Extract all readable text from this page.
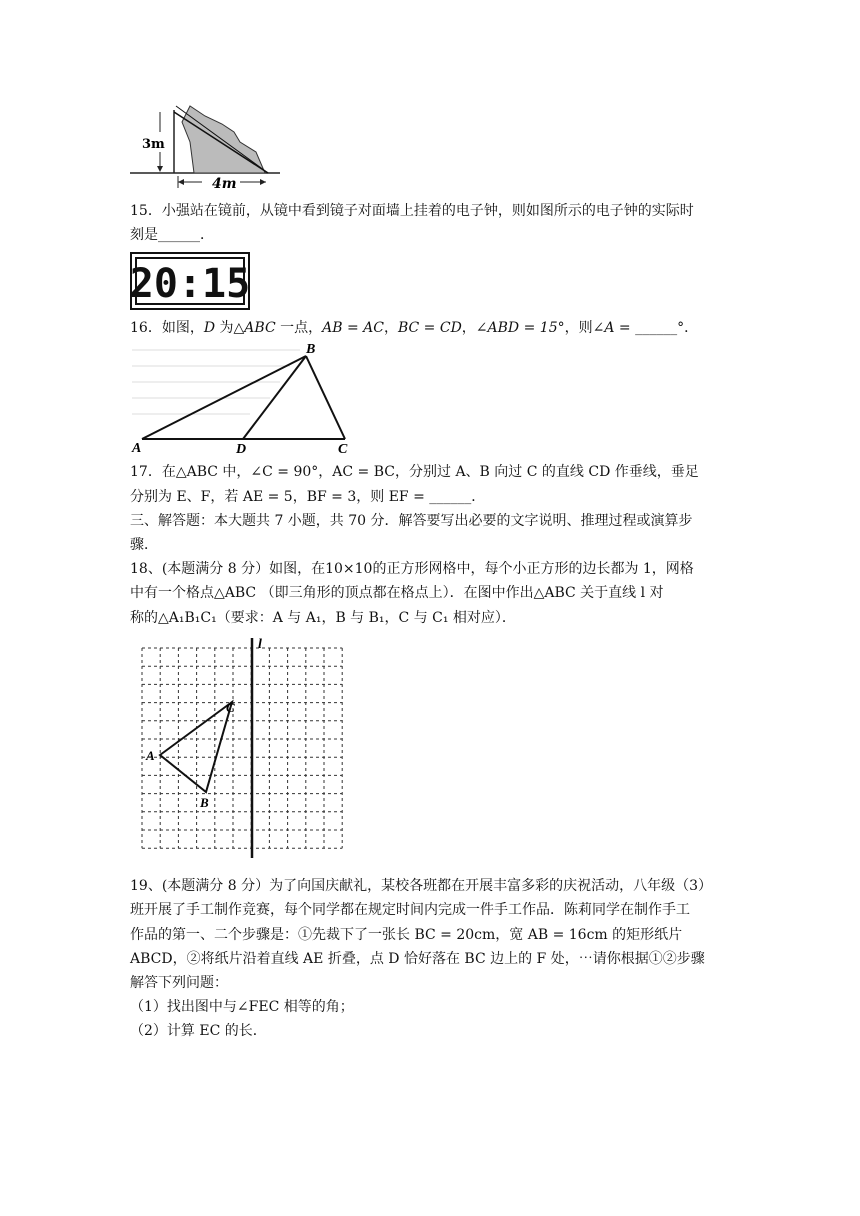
3m
4m
15．小强站在镜前，从镜中看到镜子对面墙上挂着的电子钟，则如图所示的电子钟的实际时
刻是______．
20:15
16．如图，D 为△ABC 一点，AB = AC，BC = CD，∠ABD = 15°，则∠A = ______°．
A
B
C
D
17．在△ABC 中，∠C = 90°，AC = BC，分别过 A、B 向过 C 的直线 CD 作垂线，垂足
分别为 E、F，若 AE = 5，BF = 3，则 EF = ______．
三、解答题：本大题共 7 小题，共 70 分．解答要写出必要的文字说明、推理过程或演算步
骤．
18、(本题满分 8 分）如图，在10×10的正方形网格中，每个小正方形的边长都为 1，网格
中有一个格点△ABC （即三角形的顶点都在格点上）．在图中作出△ABC 关于直线 l 对
称的△A₁B₁C₁（要求：A 与 A₁，B 与 B₁，C 与 C₁ 相对应）．
l
A
C
B
19、(本题满分 8 分）为了向国庆献礼，某校各班都在开展丰富多彩的庆祝活动，八年级（3）
班开展了手工制作竞赛，每个同学都在规定时间内完成一件手工作品．陈莉同学在制作手工
作品的第一、二个步骤是：①先裁下了一张长 BC = 20cm，宽 AB = 16cm 的矩形纸片
ABCD，②将纸片沿着直线 AE 折叠，点 D 恰好落在 BC 边上的 F 处，⋯请你根据①②步骤
解答下列问题：
（1）找出图中与∠FEC 相等的角；
（2）计算 EC 的长．
